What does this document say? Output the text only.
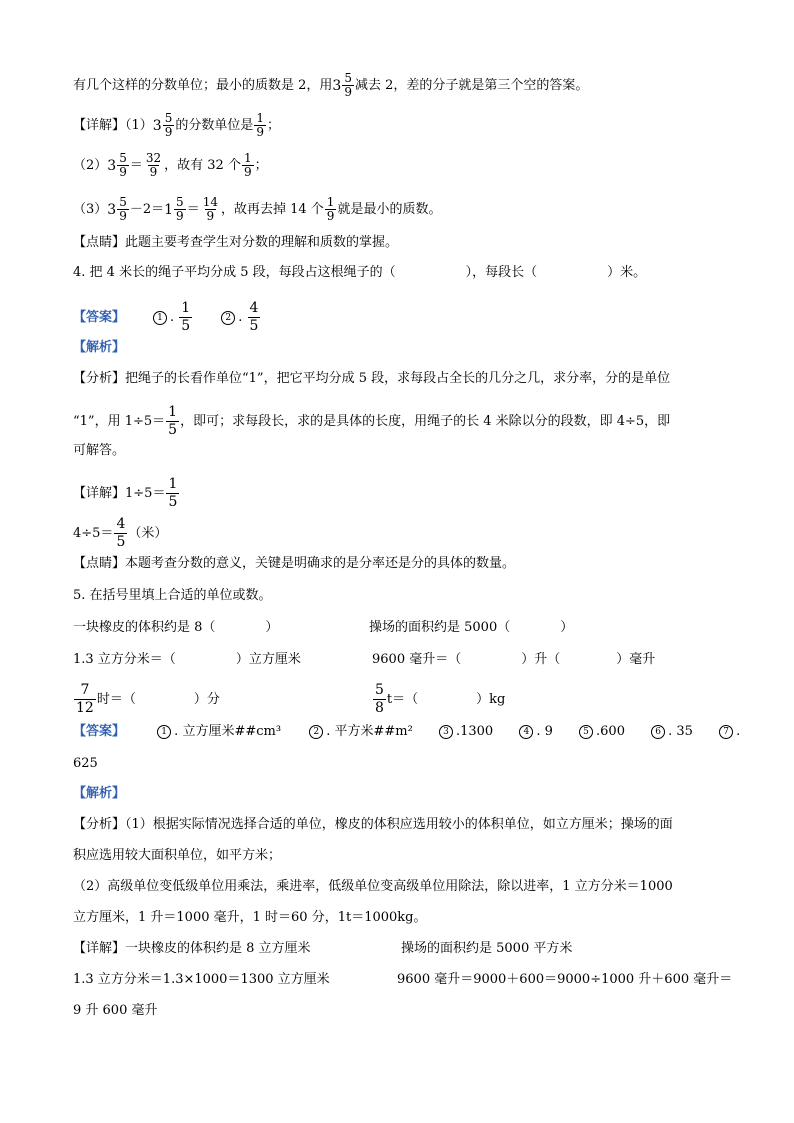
有几个这样的分数单位；最小的质数是 2，用 $3 \frac{5}{9}$ 减去 2，差的分子就是第三个空的答案。
【详解】（1） $3 \frac{5}{9}$ 的分数单位是 $\frac{1}{9}$ ；
（2） $3 \frac{5}{9} = \frac{32}{9}$ ，故有 32 个 $\frac{1}{9}$ ；
（3） $3 \frac{5}{9} -2= 1 \frac{5}{9} = \frac{14}{9}$ ，故再去掉 14 个 $\frac{1}{9}$ 就是最小的质数。
【点睛】此题主要考查学生对分数的理解和质数的掌握。
4. 把 4 米长的绳子平均分成 5 段，每段占这根绳子的（	），每段长（	）米。
【答案】	1 . $\frac{1}{5}$	2 . $\frac{4}{5}$
【解析】
【分析】把绳子的长看作单位“1”，把它平均分成 5 段，求每段占全长的几分之几，求分率，分的是单位
“1”，用 $1\div 5= \frac{1}{5}$ ，即可；求每段长，求的是具体的长度，用绳子的长 4 米除以分的段数，即 4÷5，即
可解答。
【详解】$1\div 5= \frac{1}{5}$
$4\div 5= \frac{4}{5}$ （米）
【点睛】本题考查分数的意义，关键是明确求的是分率还是分的具体的数量。
5. 在括号里填上合适的单位或数。
一块橡皮的体积约是 8（	）	操场的面积约是 5000（	）
1.3 立方分米＝（	）立方厘米	9600 毫升＝（	）升（	）毫升
$\frac{7}{12}$ 时＝（	）分	$\frac{5}{8} t=$（	）kg
【答案】	1 . 立方厘米##cm³	2 . 平方米##m²	3 .1300	4 . 9	5 .600	6 . 35	7 .
625
【解析】
【分析】（1）根据实际情况选择合适的单位，橡皮的体积应选用较小的体积单位，如立方厘米；操场的面
积应选用较大面积单位，如平方米；
（2）高级单位变低级单位用乘法，乘进率，低级单位变高级单位用除法，除以进率，1 立方分米＝1000
立方厘米，1 升＝1000 毫升，1 时＝60 分，1t＝1000kg。
【详解】一块橡皮的体积约是 8 立方厘米	操场的面积约是 5000 平方米
1.3 立方分米＝1.3×1000＝1300 立方厘米	9600 毫升＝9000＋600＝9000÷1000 升＋600 毫升＝
9 升 600 毫升
